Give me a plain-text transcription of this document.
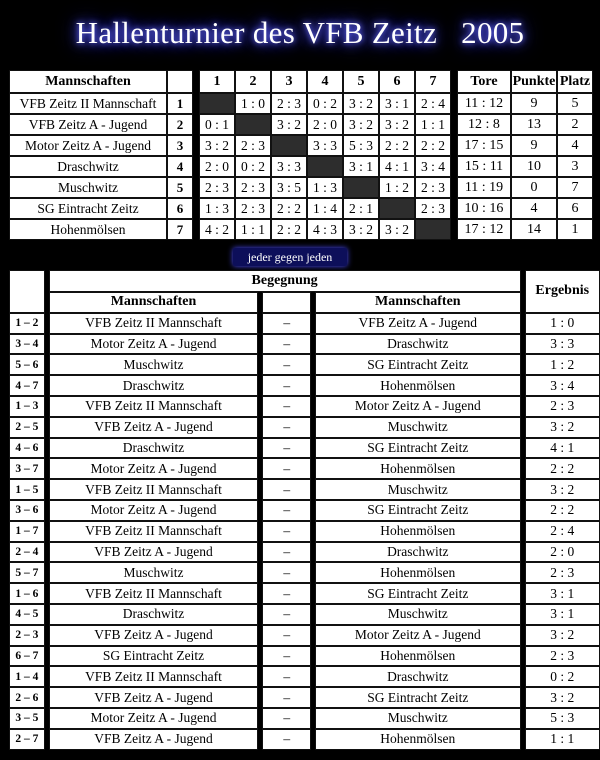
Hallenturnier des VFB Zeitz   2005
Mannschaften			1	2	3	4	5	6	7		Tore	Punkte	Platz
VFB Zeitz II Mannschaft	1			1 : 0	2 : 3	0 : 2	3 : 2	3 : 1	2 : 4		11 : 12	9	5
VFB Zeitz A - Jugend	2		0 : 1		3 : 2	2 : 0	3 : 2	3 : 2	1 : 1		12 : 8	13	2
Motor Zeitz A - Jugend	3		3 : 2	2 : 3		3 : 3	5 : 3	2 : 2	2 : 2		17 : 15	9	4
Draschwitz	4		2 : 0	0 : 2	3 : 3		3 : 1	4 : 1	3 : 4		15 : 11	10	3
Muschwitz	5		2 : 3	2 : 3	3 : 5	1 : 3		1 : 2	2 : 3		11 : 19	0	7
SG Eintracht Zeitz	6		1 : 3	2 : 3	2 : 2	1 : 4	2 : 1		2 : 3		10 : 16	4	6
Hohenmölsen	7		4 : 2	1 : 1	2 : 2	4 : 3	3 : 2	3 : 2			17 : 12	14	1
jeder gegen jeden
		Begegnung						Ergebnis
		Mannschaften				Mannschaften		
1 – 2		VFB Zeitz II Mannschaft		–		VFB Zeitz A - Jugend		1 : 0
3 – 4		Motor Zeitz A - Jugend		–		Draschwitz		3 : 3
5 – 6		Muschwitz		–		SG Eintracht Zeitz		1 : 2
4 – 7		Draschwitz		–		Hohenmölsen		3 : 4
1 – 3		VFB Zeitz II Mannschaft		–		Motor Zeitz A - Jugend		2 : 3
2 – 5		VFB Zeitz A - Jugend		–		Muschwitz		3 : 2
4 – 6		Draschwitz		–		SG Eintracht Zeitz		4 : 1
3 – 7		Motor Zeitz A - Jugend		–		Hohenmölsen		2 : 2
1 – 5		VFB Zeitz II Mannschaft		–		Muschwitz		3 : 2
3 – 6		Motor Zeitz A - Jugend		–		SG Eintracht Zeitz		2 : 2
1 – 7		VFB Zeitz II Mannschaft		–		Hohenmölsen		2 : 4
2 – 4		VFB Zeitz A - Jugend		–		Draschwitz		2 : 0
5 – 7		Muschwitz		–		Hohenmölsen		2 : 3
1 – 6		VFB Zeitz II Mannschaft		–		SG Eintracht Zeitz		3 : 1
4 – 5		Draschwitz		–		Muschwitz		3 : 1
2 – 3		VFB Zeitz A - Jugend		–		Motor Zeitz A - Jugend		3 : 2
6 – 7		SG Eintracht Zeitz		–		Hohenmölsen		2 : 3
1 – 4		VFB Zeitz II Mannschaft		–		Draschwitz		0 : 2
2 – 6		VFB Zeitz A - Jugend		–		SG Eintracht Zeitz		3 : 2
3 – 5		Motor Zeitz A - Jugend		–		Muschwitz		5 : 3
2 – 7		VFB Zeitz A - Jugend		–		Hohenmölsen		1 : 1
